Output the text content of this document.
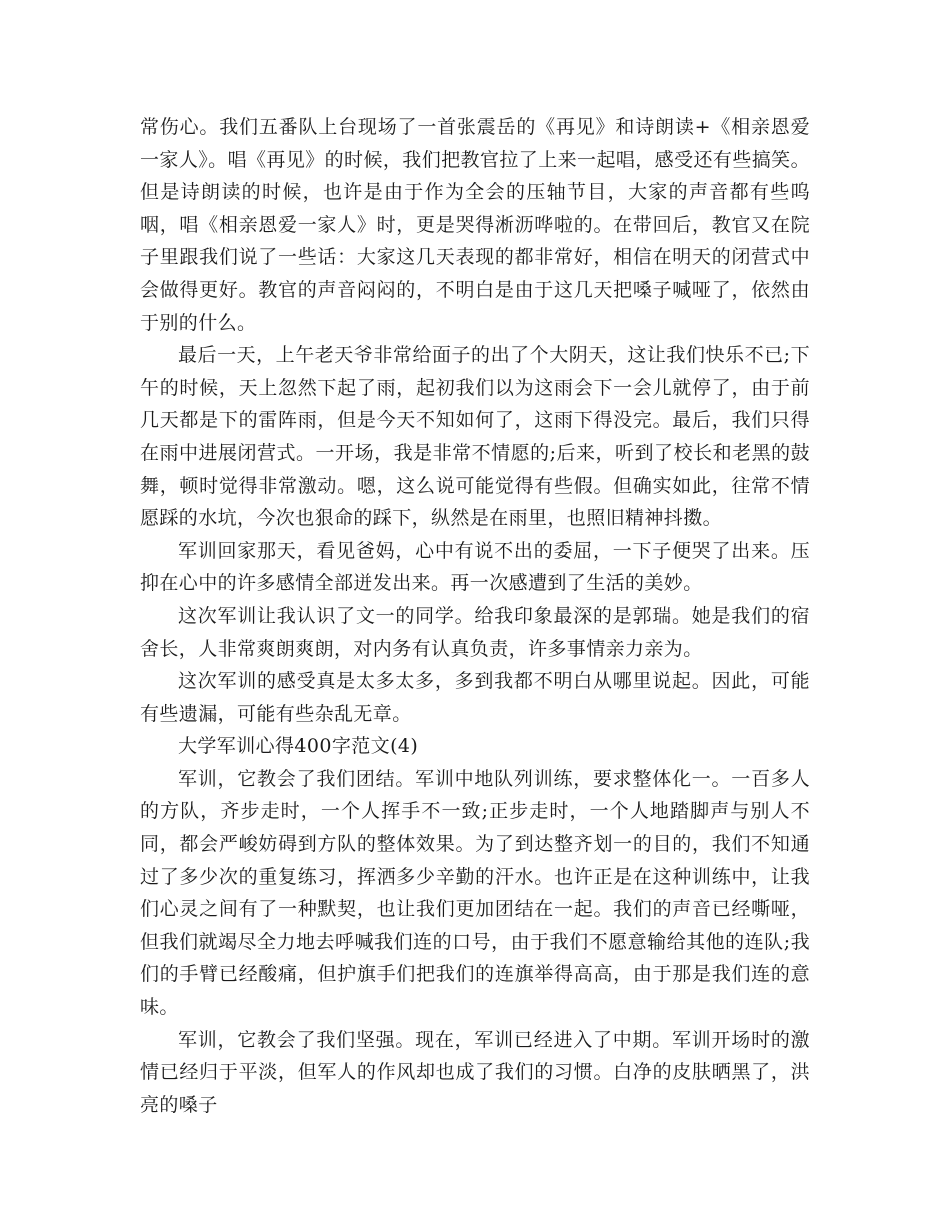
常伤心。我们五番队上台现场了一首张震岳的《再见》和诗朗读+《相亲恩爱一家人》。唱《再见》的时候，我们把教官拉了上来一起唱，感受还有些搞笑。但是诗朗读的时候，也许是由于作为全会的压轴节目，大家的声音都有些呜咽，唱《相亲恩爱一家人》时，更是哭得淅沥哗啦的。在带回后，教官又在院子里跟我们说了一些话：大家这几天表现的都非常好，相信在明天的闭营式中会做得更好。教官的声音闷闷的，不明白是由于这几天把嗓子喊哑了，依然由于别的什么。

最后一天，上午老天爷非常给面子的出了个大阴天，这让我们快乐不已;下午的时候，天上忽然下起了雨，起初我们以为这雨会下一会儿就停了，由于前几天都是下的雷阵雨，但是今天不知如何了，这雨下得没完。最后，我们只得在雨中进展闭营式。一开场，我是非常不情愿的;后来，听到了校长和老黑的鼓舞，顿时觉得非常激动。嗯，这么说可能觉得有些假。但确实如此，往常不情愿踩的水坑，今次也狠命的踩下，纵然是在雨里，也照旧精神抖擞。

军训回家那天，看见爸妈，心中有说不出的委屈，一下子便哭了出来。压抑在心中的许多感情全部迸发出来。再一次感遭到了生活的美妙。

这次军训让我认识了文一的同学。给我印象最深的是郭瑞。她是我们的宿舍长，人非常爽朗爽朗，对内务有认真负责，许多事情亲力亲为。

这次军训的感受真是太多太多，多到我都不明白从哪里说起。因此，可能有些遗漏，可能有些杂乱无章。

大学军训心得400字范文(4)

军训，它教会了我们团结。军训中地队列训练，要求整体化一。一百多人的方队，齐步走时，一个人挥手不一致;正步走时，一个人地踏脚声与别人不同，都会严峻妨碍到方队的整体效果。为了到达整齐划一的目的，我们不知通过了多少次的重复练习，挥洒多少辛勤的汗水。也许正是在这种训练中，让我们心灵之间有了一种默契，也让我们更加团结在一起。我们的声音已经嘶哑，但我们就竭尽全力地去呼喊我们连的口号，由于我们不愿意输给其他的连队;我们的手臂已经酸痛，但护旗手们把我们的连旗举得高高，由于那是我们连的意味。

军训，它教会了我们坚强。现在，军训已经进入了中期。军训开场时的激情已经归于平淡，但军人的作风却也成了我们的习惯。白净的皮肤晒黑了，洪亮的嗓子
